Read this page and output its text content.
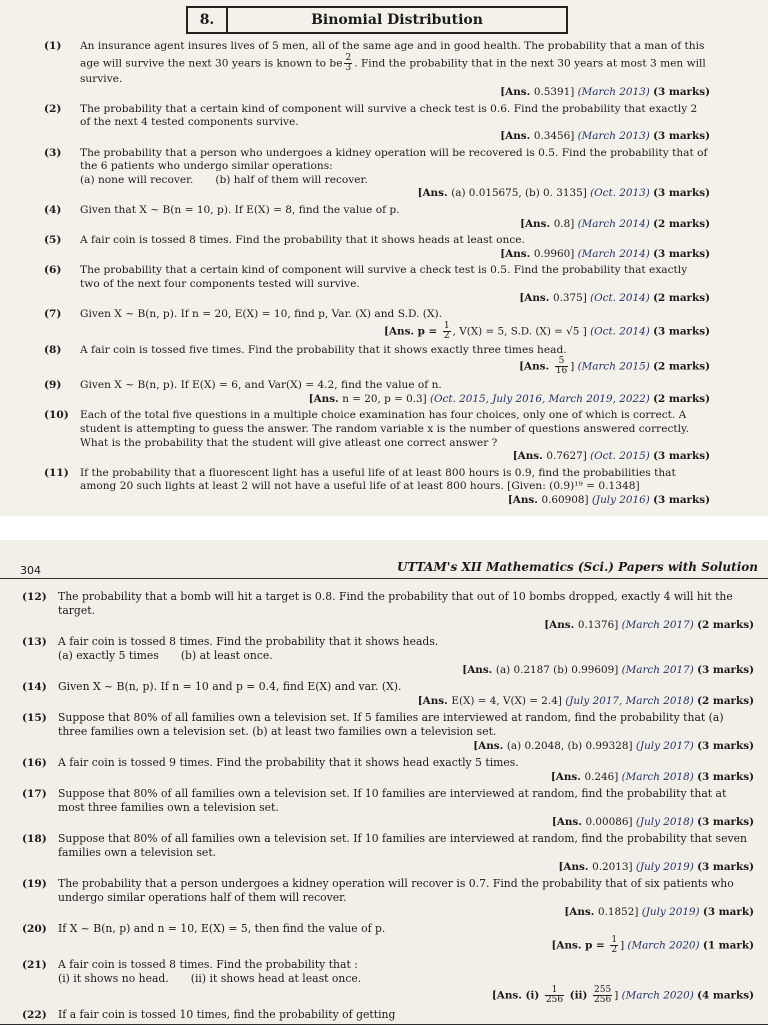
8.	Binomial Distribution
(1) An insurance agent insures lives of 5 men, all of the same age and in good health. The probability that a man of this age will survive the next 30 years is known to be $\frac{2}{3}$ . Find the probability that in the next 30 years at most 3 men will survive.
[Ans. 0.5391] (March 2013) (3 marks)
(2) The probability that a certain kind of component will survive a check test is 0.6. Find the probability that exactly 2 of the next 4 tested components survive.
[Ans. 0.3456] (March 2013) (3 marks)
(3) The probability that a person who undergoes a kidney operation will be recovered is 0.5. Find the probability that of the 6 patients who undergo similar operations:
(a) none will recover. (b) half of them will recover.
[Ans. (a) 0.015675, (b) 0. 3135] (Oct. 2013) (3 marks)
(4) Given that X ~ B(n = 10, p). If E(X) = 8, find the value of p.
[Ans. 0.8] (March 2014) (2 marks)
(5) A fair coin is tossed 8 times. Find the probability that it shows heads at least once.
[Ans. 0.9960] (March 2014) (3 marks)
(6) The probability that a certain kind of component will survive a check test is 0.5. Find the probability that exactly two of the next four components tested will survive.
[Ans. 0.375] (Oct. 2014) (2 marks)
(7) Given X ~ B(n, p). If n = 20, E(X) = 10, find p, Var. (X) and S.D. (X).
[Ans. $p = \frac{1}{2}$ , V(X) = 5, S.D. (X) = √5 ] (Oct. 2014) (3 marks)
(8) A fair coin is tossed five times. Find the probability that it shows exactly three times head.
[Ans. $\frac{5}{16}$ ] (March 2015) (2 marks)
(9) Given X ~ B(n, p). If E(X) = 6, and Var(X) = 4.2, find the value of n.
[Ans. n = 20, p = 0.3] (Oct. 2015, July 2016, March 2019, 2022) (2 marks)
(10) Each of the total five questions in a multiple choice examination has four choices, only one of which is correct. A student is attempting to guess the answer. The random variable x is the number of questions answered correctly. What is the probability that the student will give atleast one correct answer ?
[Ans. 0.7627] (Oct. 2015) (3 marks)
(11) If the probability that a fluorescent light has a useful life of at least 800 hours is 0.9, find the probabilities that among 20 such lights at least 2 will not have a useful life of at least 800 hours. [Given: (0.9)¹⁹ = 0.1348]
[Ans. 0.60908] (July 2016) (3 marks)
304	UTTAM's XII Mathematics (Sci.) Papers with Solution
(12) The probability that a bomb will hit a target is 0.8. Find the probability that out of 10 bombs dropped, exactly 4 will hit the target.
[Ans. 0.1376] (March 2017) (2 marks)
(13) A fair coin is tossed 8 times. Find the probability that it shows heads.
(a) exactly 5 times (b) at least once.
[Ans. (a) 0.2187 (b) 0.99609] (March 2017) (3 marks)
(14) Given X ~ B(n, p). If n = 10 and p = 0.4, find E(X) and var. (X).
[Ans. E(X) = 4, V(X) = 2.4] (July 2017, March 2018) (2 marks)
(15) Suppose that 80% of all families own a television set. If 5 families are interviewed at random, find the probability that (a) three families own a television set. (b) at least two families own a television set.
[Ans. (a) 0.2048, (b) 0.99328] (July 2017) (3 marks)
(16) A fair coin is tossed 9 times. Find the probability that it shows head exactly 5 times.
[Ans. 0.246] (March 2018) (3 marks)
(17) Suppose that 80% of all families own a television set. If 10 families are interviewed at random, find the probability that at most three families own a television set.
[Ans. 0.00086] (July 2018) (3 marks)
(18) Suppose that 80% of all families own a television set. If 10 families are interviewed at random, find the probability that seven families own a television set.
[Ans. 0.2013] (July 2019) (3 marks)
(19) The probability that a person undergoes a kidney operation will recover is 0.7. Find the probability that of six patients who undergo similar operations half of them will recover.
[Ans. 0.1852] (July 2019) (3 mark)
(20) If X ~ B(n, p) and n = 10, E(X) = 5, then find the value of p.
[Ans. $p = \frac{1}{2}$ ] (March 2020) (1 mark)
(21) A fair coin is tossed 8 times. Find the probability that :
(i) it shows no head. (ii) it shows head at least once.
[Ans. $(i) \frac{1}{256} (ii) \frac{255}{256}$ ] (March 2020) (4 marks)
(22) If a fair coin is tossed 10 times, find the probability of getting
